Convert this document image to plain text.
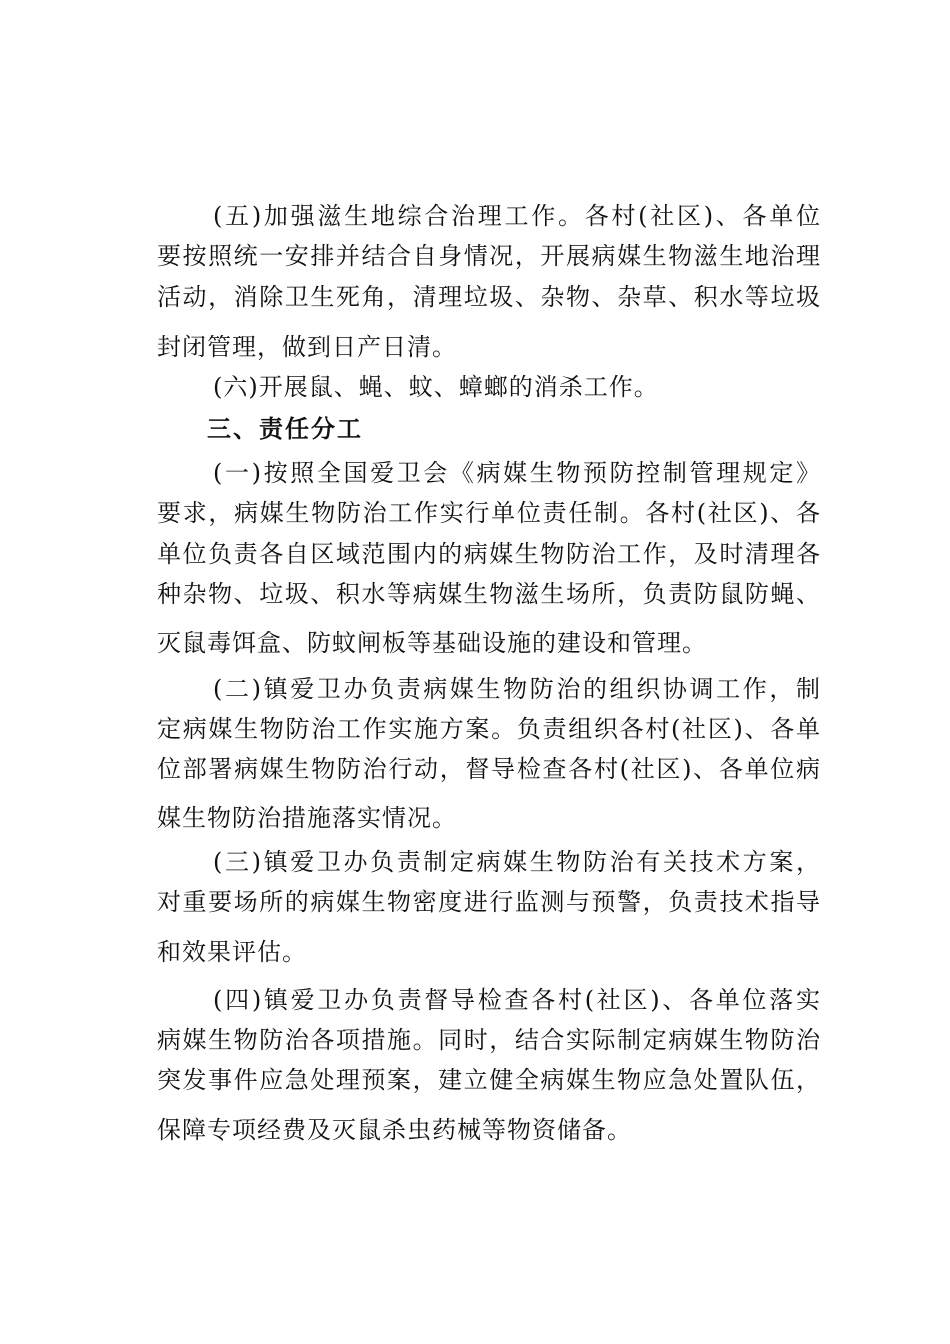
(五)加强滋生地综合治理工作。各村(社区)、各单位
要按照统一安排并结合自身情况，开展病媒生物滋生地治理
活动，消除卫生死角，清理垃圾、杂物、杂草、积水等垃圾
封闭管理，做到日产日清。
(六)开展鼠、蝇、蚊、蟑螂的消杀工作。
三、责任分工
(一)按照全国爱卫会《病媒生物预防控制管理规定》
要求，病媒生物防治工作实行单位责任制。各村(社区)、各
单位负责各自区域范围内的病媒生物防治工作，及时清理各
种杂物、垃圾、积水等病媒生物滋生场所，负责防鼠防蝇、
灭鼠毒饵盒、防蚊闸板等基础设施的建设和管理。
(二)镇爱卫办负责病媒生物防治的组织协调工作，制
定病媒生物防治工作实施方案。负责组织各村(社区)、各单
位部署病媒生物防治行动，督导检查各村(社区)、各单位病
媒生物防治措施落实情况。
(三)镇爱卫办负责制定病媒生物防治有关技术方案，
对重要场所的病媒生物密度进行监测与预警，负责技术指导
和效果评估。
(四)镇爱卫办负责督导检查各村(社区)、各单位落实
病媒生物防治各项措施。同时，结合实际制定病媒生物防治
突发事件应急处理预案，建立健全病媒生物应急处置队伍，
保障专项经费及灭鼠杀虫药械等物资储备。
